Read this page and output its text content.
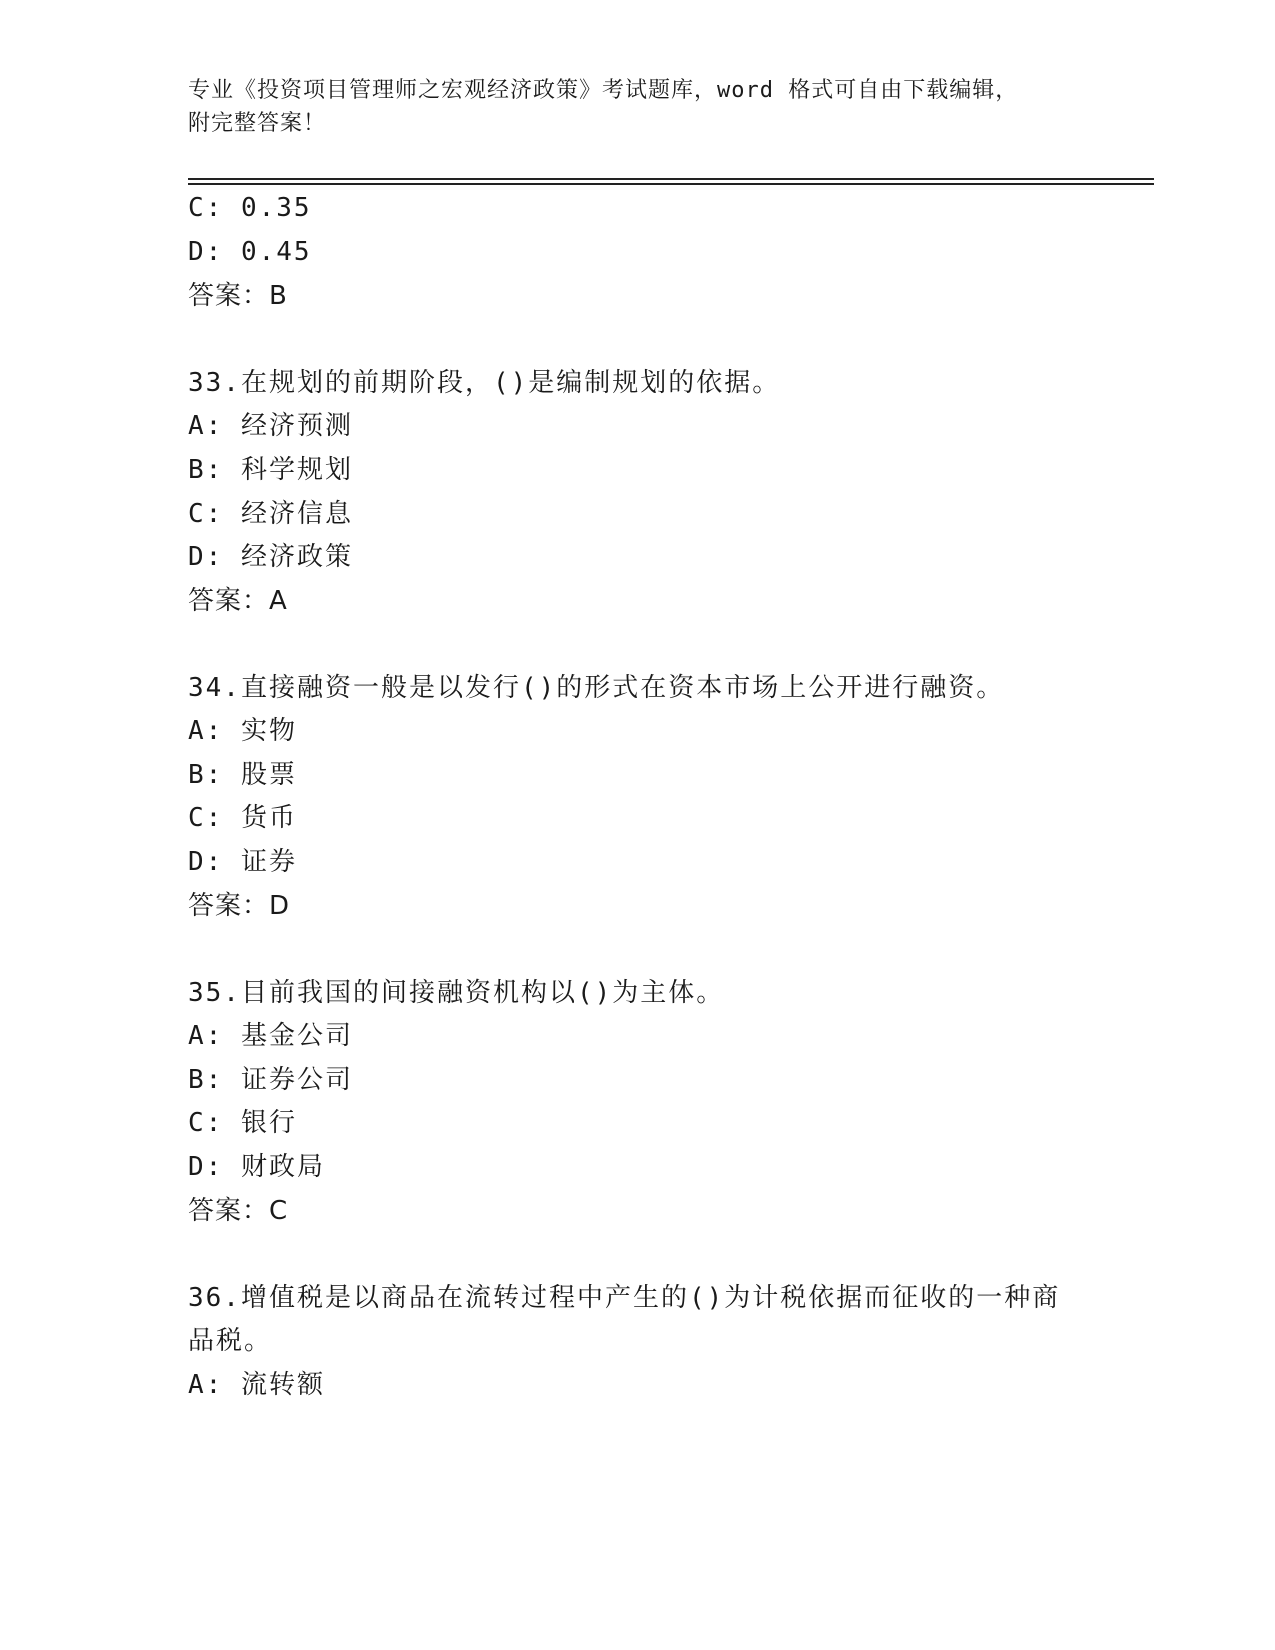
专业《投资项目管理师之宏观经济政策》考试题库，word 格式可自由下载编辑，
附完整答案！
C: 0.35
D: 0.45
答案：B
33.在规划的前期阶段，()是编制规划的依据。
A: 经济预测
B: 科学规划
C: 经济信息
D: 经济政策
答案：A
34.直接融资一般是以发行()的形式在资本市场上公开进行融资。
A: 实物
B: 股票
C: 货币
D: 证券
答案：D
35.目前我国的间接融资机构以()为主体。
A: 基金公司
B: 证券公司
C: 银行
D: 财政局
答案：C
36.增值税是以商品在流转过程中产生的()为计税依据而征收的一种商
品税。
A: 流转额
